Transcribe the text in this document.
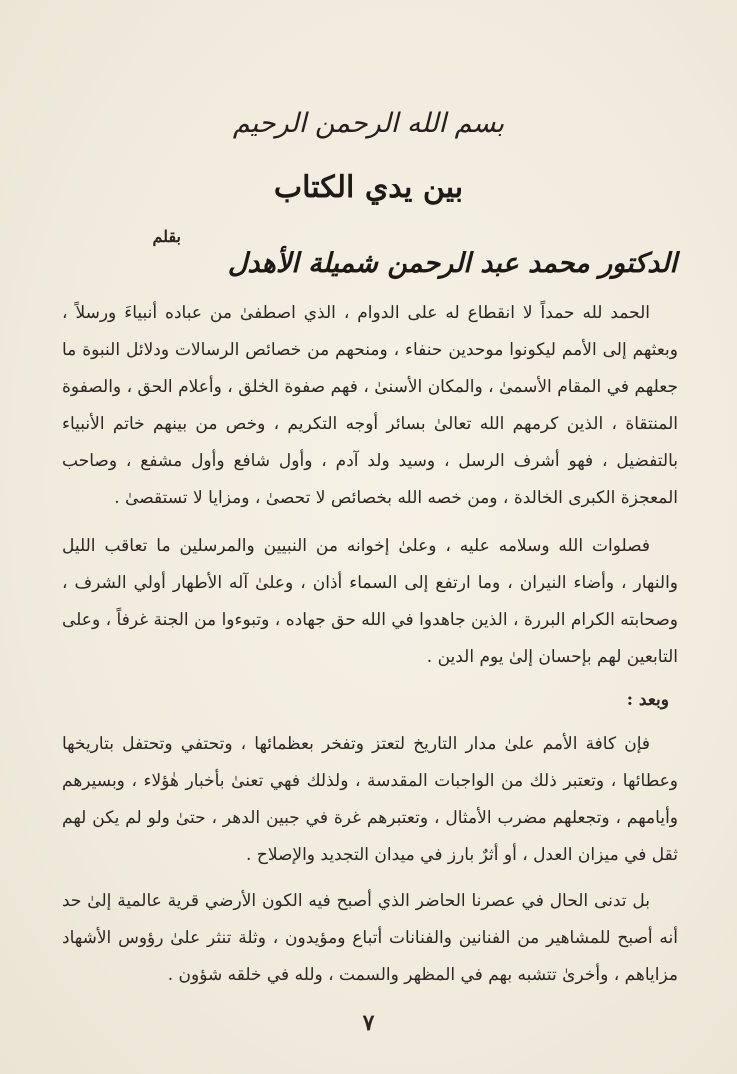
بسم الله الرحمن الرحيم
بين يدي الكتاب
بقلم
الدكتور محمد عبد الرحمن شميلة الأهدل
الحمد لله حمداً لا انقطاع له على الدوام ، الذي اصطفىٰ من عباده أنبياءَ ورسلاً ، وبعثهم إلى الأمم ليكونوا موحدين حنفاء ، ومنحهم من خصائص الرسالات ودلائل النبوة ما جعلهم في المقام الأسمىٰ ، والمكان الأسنىٰ ، فهم صفوة الخلق ، وأعلام الحق ، والصفوة المنتقاة ، الذين كرمهم الله تعالىٰ بسائر أوجه التكريم ، وخص من بينهم خاتم الأنبياء بالتفضيل ، فهو أشرف الرسل ، وسيد ولد آدم ، وأول شافع وأول مشفع ، وصاحب المعجزة الكبرى الخالدة ، ومن خصه الله بخصائص لا تحصىٰ ، ومزايا لا تستقصىٰ .
فصلوات الله وسلامه عليه ، وعلىٰ إخوانه من النبيين والمرسلين ما تعاقب الليل والنهار ، وأضاء النيران ، وما ارتفع إلى السماء أذان ، وعلىٰ آله الأطهار أولي الشرف ، وصحابته الكرام البررة ، الذين جاهدوا في الله حق جهاده ، وتبوءوا من الجنة غرفاً ، وعلى التابعين لهم بإحسان إلىٰ يوم الدين .
وبعد :
فإن كافة الأمم علىٰ مدار التاريخ لتعتز وتفخر بعظمائها ، وتحتفي وتحتفل بتاريخها وعطائها ، وتعتبر ذلك من الواجبات المقدسة ، ولذلك فهي تعنىٰ بأخبار هٰؤلاء ، وبسيرهم وأيامهم ، وتجعلهم مضرب الأمثال ، وتعتبرهم غرة في جبين الدهر ، حتىٰ ولو لم يكن لهم ثقل في ميزان العدل ، أو أثرٌ بارز في ميدان التجديد والإصلاح .
بل تدنى الحال في عصرنا الحاضر الذي أصبح فيه الكون الأرضي قرية عالمية إلىٰ حد أنه أصبح للمشاهير من الفنانين والفنانات أتباع ومؤيدون ، وثلة تنثر علىٰ رؤوس الأشهاد مزاياهم ، وأخرىٰ تتشبه بهم في المظهر والسمت ، ولله في خلقه شؤون .
٧
